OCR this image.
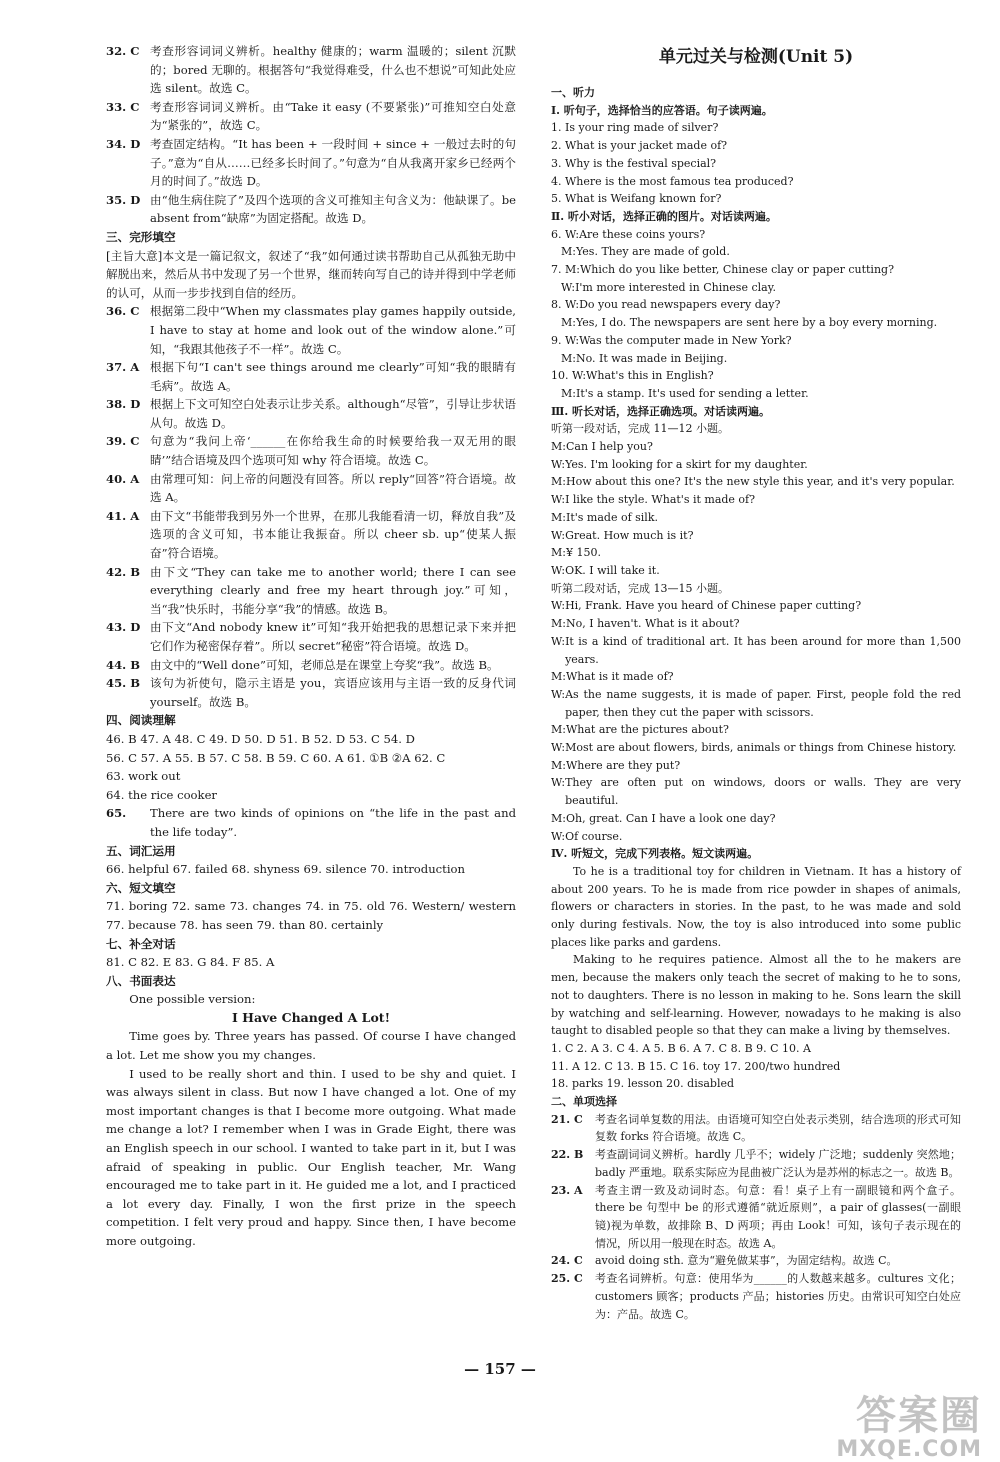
32. C 考查形容词词义辨析。healthy 健康的；warm 温暖的；silent 沉默的；bored 无聊的。根据答句“我觉得难受，什么也不想说”可知此处应选 silent。故选 C。
33. C 考查形容词词义辨析。由“Take it easy (不要紧张)”可推知空白处意为“紧张的”，故选 C。
34. D 考查固定结构。“It has been + 一段时间 + since + 一般过去时的句子。”意为“自从……已经多长时间了。”句意为“自从我离开家乡已经两个月的时间了。”故选 D。
35. D 由“他生病住院了”及四个选项的含义可推知主句含义为：他缺课了。be absent from“缺席”为固定搭配。故选 D。
三、完形填空
[主旨大意]本文是一篇记叙文，叙述了“我”如何通过读书帮助自己从孤独无助中解脱出来，然后从书中发现了另一个世界，继而转向写自己的诗并得到中学老师的认可，从而一步步找到自信的经历。
36. C 根据第二段中“When my classmates play games happily outside, I have to stay at home and look out of the window alone.”可知，“我跟其他孩子不一样”。故选 C。
37. A 根据下句“I can't see things around me clearly”可知“我的眼睛有毛病”。故选 A。
38. D 根据上下文可知空白处表示让步关系。although“尽管”，引导让步状语从句。故选 D。
39. C 句意为“我问上帝‘______在你给我生命的时候要给我一双无用的眼睛’”结合语境及四个选项可知 why 符合语境。故选 C。
40. A 由常理可知：问上帝的问题没有回答。所以 reply“回答”符合语境。故选 A。
41. A 由下文“书能带我到另外一个世界，在那儿我能看清一切，释放自我”及选项的含义可知，书本能让我振奋。所以 cheer sb. up“使某人振奋”符合语境。
42. B 由下文“They can take me to another world; there I can see everything clearly and free my heart through joy.”可知，当“我”快乐时，书能分享“我”的情感。故选 B。
43. D 由下文“And nobody knew it”可知“我开始把我的思想记录下来并把它们作为秘密保存着”。所以 secret“秘密”符合语境。故选 D。
44. B 由文中的“Well done”可知，老师总是在课堂上夸奖“我”。故选 B。
45. B 该句为祈使句，隐示主语是 you，宾语应该用与主语一致的反身代词 yourself。故选 B。
四、阅读理解
46. B 47. A 48. C 49. D 50. D 51. B 52. D 53. C 54. D
56. C 57. A 55. B 57. C 58. B 59. C 60. A 61. ①B ②A 62. C
63. work out
64. the rice cooker
65.	There are two kinds of opinions on “the life in the past and the life today”.
五、词汇运用
66. helpful 67. failed 68. shyness 69. silence 70. introduction
六、短文填空
71. boring 72. same 73. changes 74. in 75. old 76. Western/ western 77. because 78. has seen 79. than 80. certainly
七、补全对话
81. C 82. E 83. G 84. F 85. A
八、书面表达
One possible version:
I Have Changed A Lot!
Time goes by. Three years has passed. Of course I have changed a lot. Let me show you my changes.
I used to be really short and thin. I used to be shy and quiet. I was always silent in class. But now I have changed a lot. One of my most important changes is that I become more outgoing. What made me change a lot? I remember when I was in Grade Eight, there was an English speech in our school. I wanted to take part in it, but I was afraid of speaking in public. Our English teacher, Mr. Wang encouraged me to take part in it. He guided me a lot, and I practiced a lot every day. Finally, I won the first prize in the speech competition. I felt very proud and happy. Since then, I have become more outgoing.
单元过关与检测(Unit 5)
一、听力
Ⅰ. 听句子，选择恰当的应答语。句子读两遍。
1. Is your ring made of silver?
2. What is your jacket made of?
3. Why is the festival special?
4. Where is the most famous tea produced?
5. What is Weifang known for?
Ⅱ. 听小对话，选择正确的图片。对话读两遍。
6. W: Are these coins yours?
M: Yes. They are made of gold.
7. M: Which do you like better, Chinese clay or paper cutting?
W: I'm more interested in Chinese clay.
8. W: Do you read newspapers every day?
M: Yes, I do. The newspapers are sent here by a boy every morning.
9. W: Was the computer made in New York?
M: No. It was made in Beijing.
10. W: What's this in English?
M: It's a stamp. It's used for sending a letter.
Ⅲ. 听长对话，选择正确选项。对话读两遍。
听第一段对话，完成 11—12 小题。
M: Can I help you?
W: Yes. I'm looking for a skirt for my daughter.
M: How about this one? It's the new style this year, and it's very popular.
W: I like the style. What's it made of?
M: It's made of silk.
W: Great. How much is it?
M: ¥ 150.
W: OK. I will take it.
听第二段对话，完成 13—15 小题。
W: Hi, Frank. Have you heard of Chinese paper cutting?
M: No, I haven't. What is it about?
W: It is a kind of traditional art. It has been around for more than 1,500 years.
M: What is it made of?
W: As the name suggests, it is made of paper. First, people fold the red paper, then they cut the paper with scissors.
M: What are the pictures about?
W: Most are about flowers, birds, animals or things from Chinese history.
M: Where are they put?
W: They are often put on windows, doors or walls. They are very beautiful.
M: Oh, great. Can I have a look one day?
W: Of course.
Ⅳ. 听短文，完成下列表格。短文读两遍。
To he is a traditional toy for children in Vietnam. It has a history of about 200 years. To he is made from rice powder in shapes of animals, flowers or characters in stories. In the past, to he was made and sold only during festivals. Now, the toy is also introduced into some public places like parks and gardens.
Making to he requires patience. Almost all the to he makers are men, because the makers only teach the secret of making to he to sons, not to daughters. There is no lesson in making to he. Sons learn the skill by watching and self-learning. However, nowadays to he making is also taught to disabled people so that they can make a living by themselves.
1. C 2. A 3. C 4. A 5. B 6. A 7. C 8. B 9. C 10. A
11. A 12. C 13. B 15. C 16. toy 17. 200/two hundred
18. parks 19. lesson 20. disabled
二、单项选择
21. C	考查名词单复数的用法。由语境可知空白处表示类别，结合选项的形式可知复数 forks 符合语境。故选 C。
22. B	考查副词词义辨析。hardly 几乎不；widely 广泛地；suddenly 突然地；badly 严重地。联系实际应为昆曲被广泛认为是苏州的标志之一。故选 B。
23. A	考查主谓一致及动词时态。句意：看！桌子上有一副眼镜和两个盒子。there be 句型中 be 的形式遵循“就近原则”，a pair of glasses(一副眼镜)视为单数，故排除 B、D 两项；再由 Look！可知，该句子表示现在的情况，所以用一般现在时态。故选 A。
24. C	avoid doing sth. 意为“避免做某事”，为固定结构。故选 C。
25. C	考查名词辨析。句意：使用华为______的人数越来越多。cultures 文化；customers 顾客；products 产品；histories 历史。由常识可知空白处应为：产品。故选 C。
— 157 —
答案圈
MXQE.COM
